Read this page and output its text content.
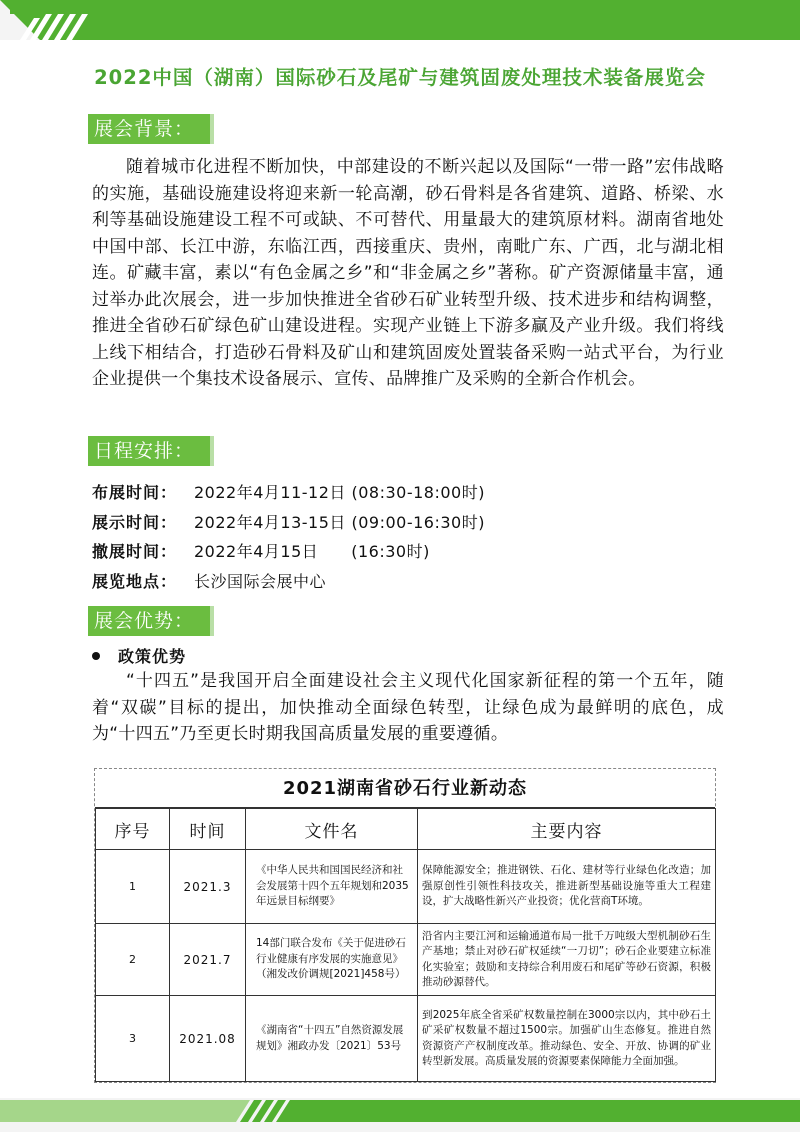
2022中国（湖南）国际砂石及尾矿与建筑固废处理技术装备展览会
展会背景：

随着城市化进程不断加快，中部建设的不断兴起以及国际“一带一路”宏伟战略的实施，基础设施建设将迎来新一轮高潮，砂石骨料是各省建筑、道路、桥梁、水利等基础设施建设工程不可或缺、不可替代、用量最大的建筑原材料。湖南省地处中国中部、长江中游，东临江西，西接重庆、贵州，南毗广东、广西，北与湖北相连。矿藏丰富，素以“有色金属之乡”和“非金属之乡”著称。矿产资源储量丰富，通过举办此次展会，进一步加快推进全省砂石矿业转型升级、技术进步和结构调整，推进全省砂石矿绿色矿山建设进程。实现产业链上下游多赢及产业升级。我们将线上线下相结合，打造砂石骨料及矿山和建筑固废处置装备采购一站式平台，为行业企业提供一个集技术设备展示、宣传、品牌推广及采购的全新合作机会。

日程安排：
布展时间： 2022年4月11-12日 (08:30-18:00时)
展示时间： 2022年4月13-15日 (09:00-16:30时)
撤展时间： 2022年4月15日　　(16:30时)
展览地点： 长沙国际会展中心
展会优势：
政策优势

“十四五”是我国开启全面建设社会主义现代化国家新征程的第一个五年，随着“双碳”目标的提出，加快推动全面绿色转型，让绿色成为最鲜明的底色，成为“十四五”乃至更长时期我国高质量发展的重要遵循。

2021湖南省砂石行业新动态
序号	时间	文件名	主要内容
1	2021.3	《中华人民共和国国民经济和社会发展第十四个五年规划和2035年远景目标纲要》	保障能源安全；推进钢铁、石化、建材等行业绿色化改造；加强原创性引领性科技攻关，推进新型基础设施等重大工程建设，扩大战略性新兴产业投资；优化营商T环境。
2	2021.7	14部门联合发布《关于促进砂石行业健康有序发展的实施意见》（湘发改价调规[2021]458号）	沿省内主要江河和运输通道布局一批千万吨级大型机制砂石生产基地；禁止对砂石矿权延续“一刀切”；砂石企业要建立标准化实验室；鼓励和支持综合利用废石和尾矿等砂石资源，积极推动砂源替代。
3	2021.08	《湖南省“十四五”自然资源发展规划》湘政办发〔2021〕53号	到2025年底全省采矿权数量控制在3000宗以内，其中砂石土矿采矿权数量不超过1500宗。加强矿山生态修复。推进自然资源资产产权制度改革。推动绿色、安全、开放、协调的矿业转型新发展。高质量发展的资源要素保障能力全面加强。
